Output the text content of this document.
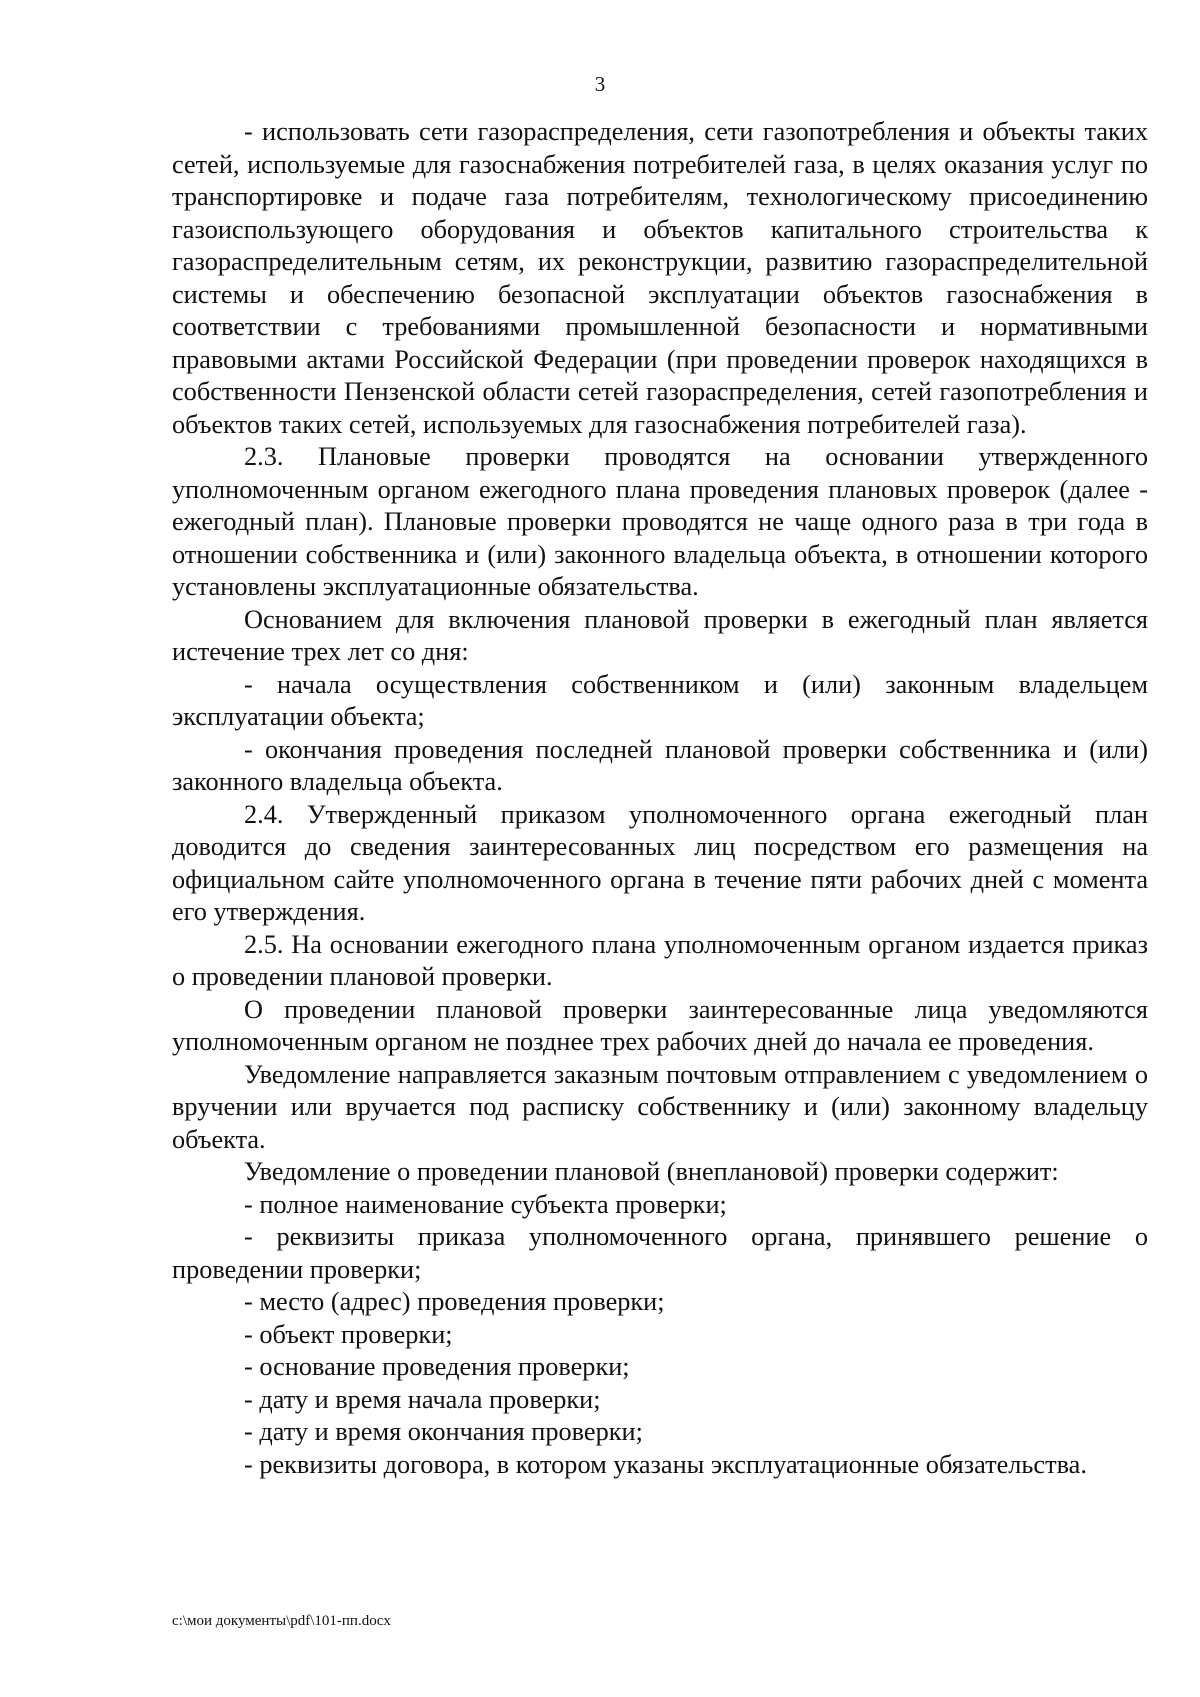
3

- использовать сети газораспределения, сети газопотребления и объекты таких сетей, используемые для газоснабжения потребителей газа, в целях оказания услуг по транспортировке и подаче газа потребителям, технологическому присоединению газоиспользующего оборудования и объектов капитального строительства к газораспределительным сетям, их реконструкции, развитию газораспределительной системы и обеспечению безопасной эксплуатации объектов газоснабжения в соответствии с требованиями промышленной безопасности и нормативными правовыми актами Российской Федерации (при проведении проверок находящихся в собственности Пензенской области сетей газораспределения, сетей газопотребления и объектов таких сетей, используемых для газоснабжения потребителей газа).

2.3. Плановые проверки проводятся на основании утвержденного уполномоченным органом ежегодного плана проведения плановых проверок (далее - ежегодный план). Плановые проверки проводятся не чаще одного раза в три года в отношении собственника и (или) законного владельца объекта, в отношении которого установлены эксплуатационные обязательства.

Основанием для включения плановой проверки в ежегодный план является истечение трех лет со дня:

- начала осуществления собственником и (или) законным владельцем эксплуатации объекта;

- окончания проведения последней плановой проверки собственника и (или) законного владельца объекта.

2.4. Утвержденный приказом уполномоченного органа ежегодный план доводится до сведения заинтересованных лиц посредством его размещения на официальном сайте уполномоченного органа в течение пяти рабочих дней с момента его утверждения.

2.5. На основании ежегодного плана уполномоченным органом издается приказ о проведении плановой проверки.

О проведении плановой проверки заинтересованные лица уведомляются уполномоченным органом не позднее трех рабочих дней до начала ее проведения.

Уведомление направляется заказным почтовым отправлением с уведомлением о вручении или вручается под расписку собственнику и (или) законному владельцу объекта.

Уведомление о проведении плановой (внеплановой) проверки содержит:

- полное наименование субъекта проверки;

- реквизиты приказа уполномоченного органа, принявшего решение о проведении проверки;

- место (адрес) проведения проверки;

- объект проверки;

- основание проведения проверки;

- дату и время начала проверки;

- дату и время окончания проверки;

- реквизиты договора, в котором указаны эксплуатационные обязательства.

c:\мои документы\pdf\101-пп.docx
